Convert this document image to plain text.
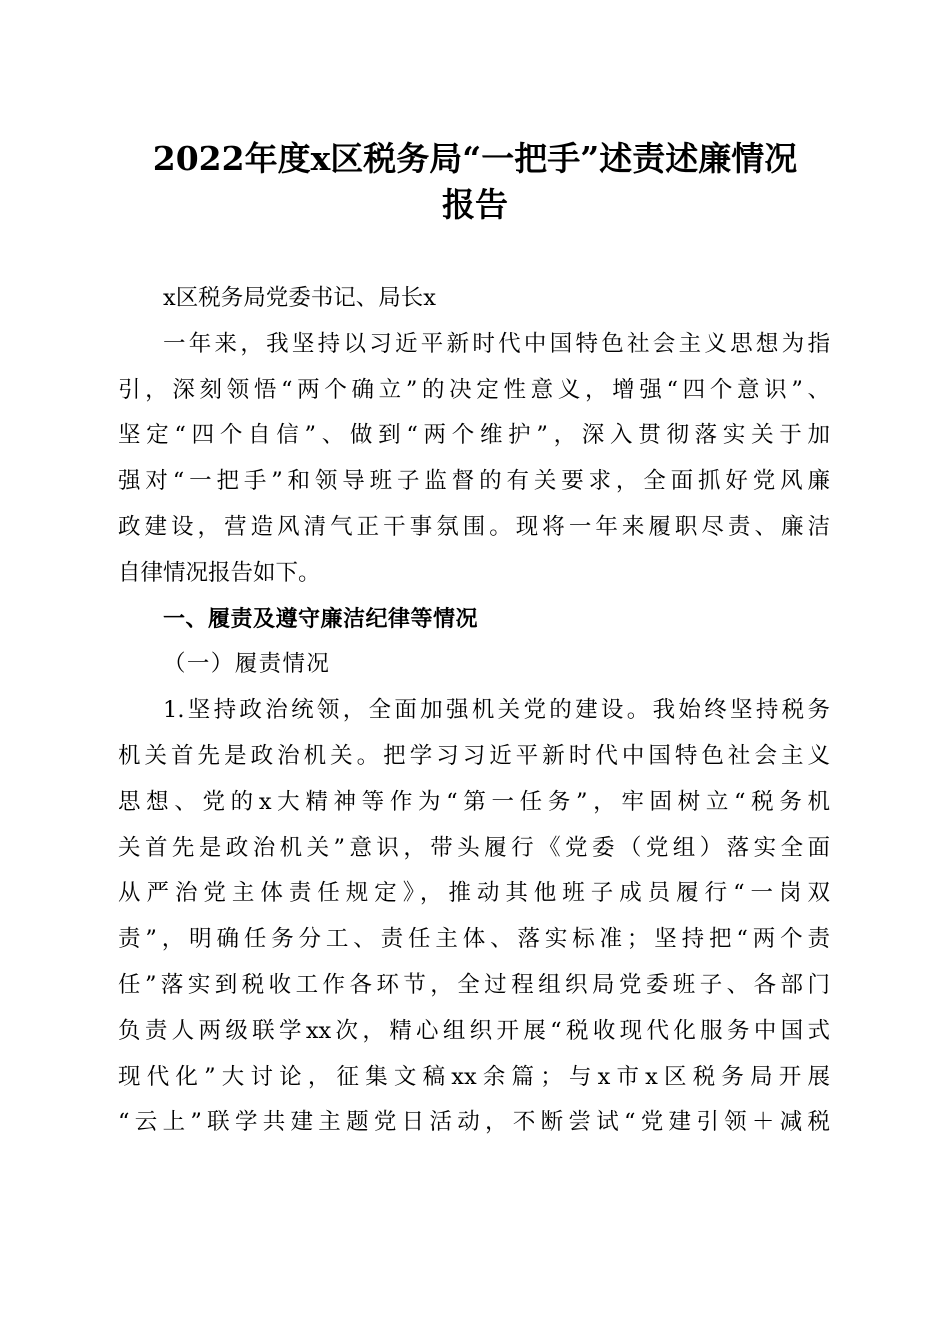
2022年度x区税务局“一把手”述责述廉情况
报告
x区税务局党委书记、局长x
一年来，我坚持以习近平新时代中国特色社会主义思想为指
引，深刻领悟“两个确立”的决定性意义，增强“四个意识”、
坚定“四个自信”、做到“两个维护”，深入贯彻落实关于加
强对“一把手”和领导班子监督的有关要求，全面抓好党风廉
政建设，营造风清气正干事氛围。现将一年来履职尽责、廉洁
自律情况报告如下。
一、履责及遵守廉洁纪律等情况
（一）履责情况
1.坚持政治统领，全面加强机关党的建设。我始终坚持税务
机关首先是政治机关。把学习习近平新时代中国特色社会主义
思想、党的x大精神等作为“第一任务”，牢固树立“税务机
关首先是政治机关”意识，带头履行《党委（党组）落实全面
从严治党主体责任规定》，推动其他班子成员履行“一岗双
责”，明确任务分工、责任主体、落实标准；坚持把“两个责
任”落实到税收工作各环节，全过程组织局党委班子、各部门
负责人两级联学xx次，精心组织开展“税收现代化服务中国式
现代化”大讨论，征集文稿xx余篇；与x市x区税务局开展
“云上”联学共建主题党日活动，不断尝试“党建引领＋减税
